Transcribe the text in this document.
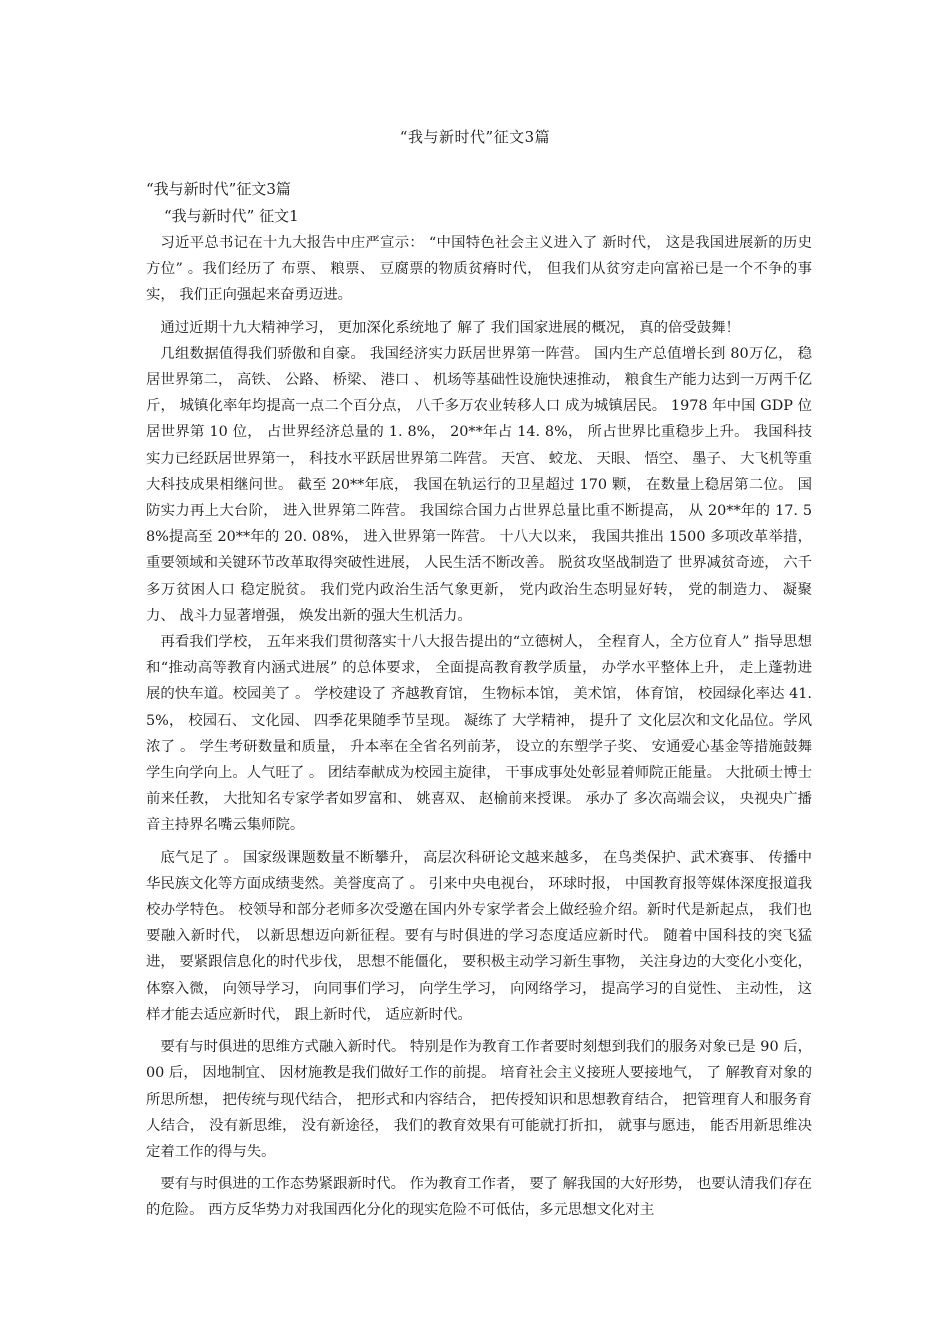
“我与新时代”征文3篇

“我与新时代”征文3篇

“我与新时代” 征文1

习近平总书记在十九大报告中庄严宣示： “中国特色社会主义进入了 新时代， 这是我国进展新的历史方位” 。我们经历了 布票、 粮票、 豆腐票的物质贫瘠时代， 但我们从贫穷走向富裕已是一个不争的事实， 我们正向强起来奋勇迈进。

通过近期十九大精神学习， 更加深化系统地了 解了 我们国家进展的概况， 真的倍受鼓舞！

几组数据值得我们骄傲和自豪。 我国经济实力跃居世界第一阵营。 国内生产总值增长到 80万亿， 稳居世界第二， 高铁、 公路、 桥梁、 港口 、 机场等基础性设施快速推动， 粮食生产能力达到一万两千亿斤， 城镇化率年均提高一点二个百分点， 八千多万农业转移人口 成为城镇居民。 1978 年中国 GDP 位居世界第 10 位， 占世界经济总量的 1. 8%， 20**年占 14. 8%， 所占世界比重稳步上升。 我国科技实力已经跃居世界第一， 科技水平跃居世界第二阵营。 天宫、 蛟龙、 天眼、 悟空、 墨子、 大飞机等重大科技成果相继问世。 截至 20**年底， 我国在轨运行的卫星超过 170 颗， 在数量上稳居第二位。 国防实力再上大台阶， 进入世界第二阵营。 我国综合国力占世界总量比重不断提高， 从 20**年的 17. 58%提高至 20**年的 20. 08%， 进入世界第一阵营。 十八大以来， 我国共推出 1500 多项改革举措， 重要领域和关键环节改革取得突破性进展， 人民生活不断改善。 脱贫攻坚战制造了 世界减贫奇迹， 六千多万贫困人口 稳定脱贫。 我们党内政治生活气象更新， 党内政治生态明显好转， 党的制造力、 凝聚力、 战斗力显著增强， 焕发出新的强大生机活力。

再看我们学校， 五年来我们贯彻落实十八大报告提出的“立德树人， 全程育人，全方位育人” 指导思想和“推动高等教育内涵式进展” 的总体要求， 全面提高教育教学质量， 办学水平整体上升， 走上蓬勃进展的快车道。校园美了 。 学校建设了 齐越教育馆， 生物标本馆， 美术馆， 体育馆， 校园绿化率达 41. 5%， 校园石、 文化园、 四季花果随季节呈现。 凝练了 大学精神， 提升了 文化层次和文化品位。学风浓了 。 学生考研数量和质量， 升本率在全省名列前茅， 设立的东塑学子奖、 安通爱心基金等措施鼓舞学生向学向上。人气旺了 。 团结奉献成为校园主旋律， 干事成事处处彰显着师院正能量。 大批硕士博士前来任教， 大批知名专家学者如罗富和、 姚喜双、 赵榆前来授课。 承办了 多次高端会议， 央视央广播音主持界名嘴云集师院。

底气足了 。 国家级课题数量不断攀升， 高层次科研论文越来越多， 在鸟类保护、武术赛事、 传播中华民族文化等方面成绩斐然。美誉度高了 。 引来中央电视台， 环球时报， 中国教育报等媒体深度报道我校办学特色。 校领导和部分老师多次受邀在国内外专家学者会上做经验介绍。新时代是新起点， 我们也要融入新时代， 以新思想迈向新征程。要有与时俱进的学习态度适应新时代。 随着中国科技的突飞猛进， 要紧跟信息化的时代步伐， 思想不能僵化， 要积极主动学习新生事物， 关注身边的大变化小变化，体察入微， 向领导学习， 向同事们学习， 向学生学习， 向网络学习， 提高学习的自觉性、 主动性， 这样才能去适应新时代， 跟上新时代， 适应新时代。

要有与时俱进的思维方式融入新时代。 特别是作为教育工作者要时刻想到我们的服务对象已是 90 后， 00 后， 因地制宜、 因材施教是我们做好工作的前提。 培育社会主义接班人要接地气， 了 解教育对象的所思所想， 把传统与现代结合， 把形式和内容结合， 把传授知识和思想教育结合， 把管理育人和服务育人结合， 没有新思维， 没有新途径， 我们的教育效果有可能就打折扣， 就事与愿违， 能否用新思维决定着工作的得与失。

要有与时俱进的工作态势紧跟新时代。 作为教育工作者， 要了 解我国的大好形势， 也要认清我们存在的危险。 西方反华势力对我国西化分化的现实危险不可低估，多元思想文化对主
